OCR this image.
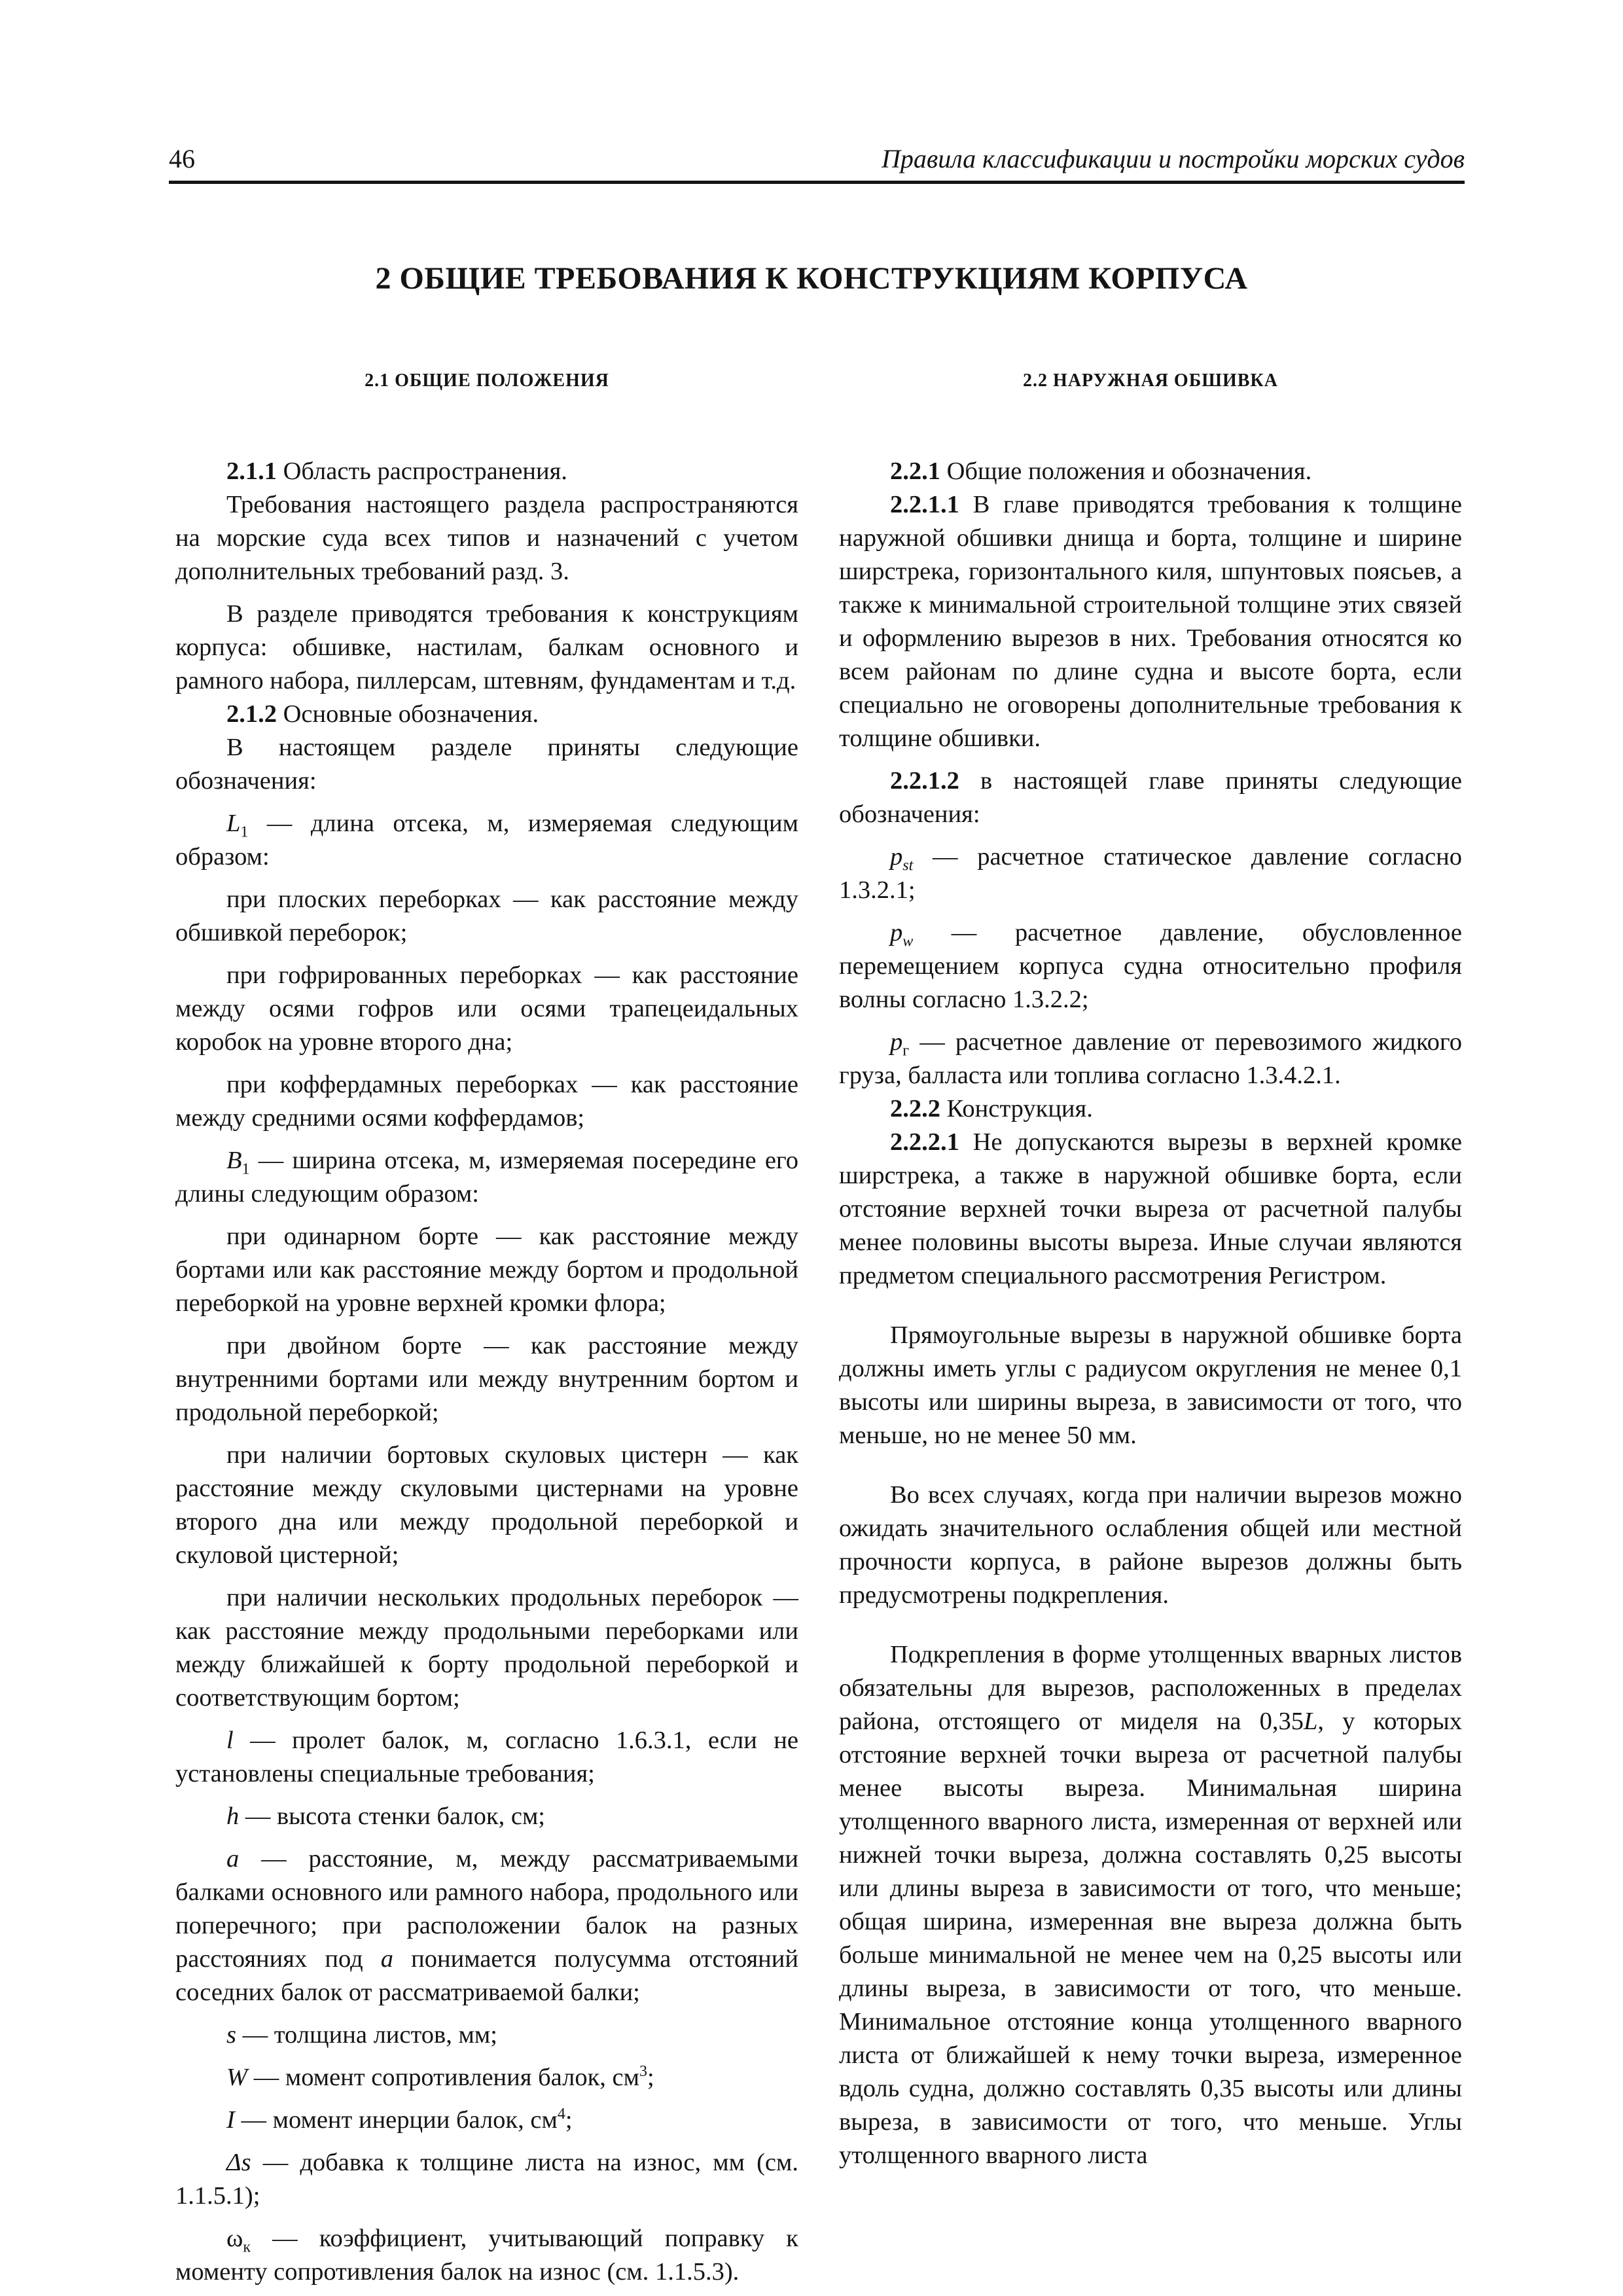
46	Правила классификации и постройки морских судов
2 ОБЩИЕ ТРЕБОВАНИЯ К КОНСТРУКЦИЯМ КОРПУСА
2.1 ОБЩИЕ ПОЛОЖЕНИЯ

2.1.1 Область распространения.

Требования настоящего раздела распространяются на морские суда всех типов и назначений с учетом дополнительных требований разд. 3.

В разделе приводятся требования к конструкциям корпуса: обшивке, настилам, балкам основного и рамного набора, пиллерсам, штевням, фундаментам и т.д.

2.1.2 Основные обозначения.

В настоящем разделе приняты следующие обозначения:

$L_1$ — длина отсека, м, измеряемая следующим образом:

при плоских переборках — как расстояние между обшивкой переборок;

при гофрированных переборках — как расстояние между осями гофров или осями трапецеидальных коробок на уровне второго дна;

при коффердамных переборках — как расстояние между средними осями коффердамов;

$B_1$ — ширина отсека, м, измеряемая посередине его длины следующим образом:

при одинарном борте — как расстояние между бортами или как расстояние между бортом и продольной переборкой на уровне верхней кромки флора;

при двойном борте — как расстояние между внутренними бортами или между внутренним бортом и продольной переборкой;

при наличии бортовых скуловых цистерн — как расстояние между скуловыми цистернами на уровне второго дна или между продольной переборкой и скуловой цистерной;

при наличии нескольких продольных переборок — как расстояние между продольными переборками или между ближайшей к борту продольной переборкой и соответствующим бортом;

l — пролет балок, м, согласно 1.6.3.1, если не установлены специальные требования;

h — высота стенки балок, см;

a — расстояние, м, между рассматриваемыми балками основного или рамного набора, продольного или поперечного; при расположении балок на разных расстояниях под a понимается полусумма отстояний соседних балок от рассматриваемой балки;

s — толщина листов, мм;

W — момент сопротивления балок, $см^3$;

I — момент инерции балок, $см^4$;

Δs — добавка к толщине листа на износ, мм (см. 1.1.5.1);

$\omega_к$ — коэффициент, учитывающий поправку к моменту сопротивления балок на износ (см. 1.1.5.3).

2.2 НАРУЖНАЯ ОБШИВКА

2.2.1 Общие положения и обозначения.

2.2.1.1 В главе приводятся требования к толщине наружной обшивки днища и борта, толщине и ширине ширстрека, горизонтального киля, шпунтовых поясьев, а также к минимальной строительной толщине этих связей и оформлению вырезов в них. Требования относятся ко всем районам по длине судна и высоте борта, если специально не оговорены дополнительные требования к толщине обшивки.

2.2.1.2 в настоящей главе приняты следующие обозначения:

$p_{st}$ — расчетное статическое давление согласно 1.3.2.1;

$p_w$ — расчетное давление, обусловленное перемещением корпуса судна относительно профиля волны согласно 1.3.2.2;

$p_г$ — расчетное давление от перевозимого жидкого груза, балласта или топлива согласно 1.3.4.2.1.

2.2.2 Конструкция.

2.2.2.1 Не допускаются вырезы в верхней кромке ширстрека, а также в наружной обшивке борта, если отстояние верхней точки выреза от расчетной палубы менее половины высоты выреза. Иные случаи являются предметом специального рассмотрения Регистром.

Прямоугольные вырезы в наружной обшивке борта должны иметь углы с радиусом округления не менее 0,1 высоты или ширины выреза, в зависимости от того, что меньше, но не менее 50 мм.

Во всех случаях, когда при наличии вырезов можно ожидать значительного ослабления общей или местной прочности корпуса, в районе вырезов должны быть предусмотрены подкрепления.

Подкрепления в форме утолщенных вварных листов обязательны для вырезов, расположенных в пределах района, отстоящего от миделя на 0,35L, у которых отстояние верхней точки выреза от расчетной палубы менее высоты выреза. Минимальная ширина утолщенного вварного листа, измеренная от верхней или нижней точки выреза, должна составлять 0,25 высоты или длины выреза в зависимости от того, что меньше; общая ширина, измеренная вне выреза должна быть больше минимальной не менее чем на 0,25 высоты или длины выреза, в зависимости от того, что меньше. Минимальное отстояние конца утолщенного вварного листа от ближайшей к нему точки выреза, измеренное вдоль судна, должно составлять 0,35 высоты или длины выреза, в зависимости от того, что меньше. Углы утолщенного вварного листа
